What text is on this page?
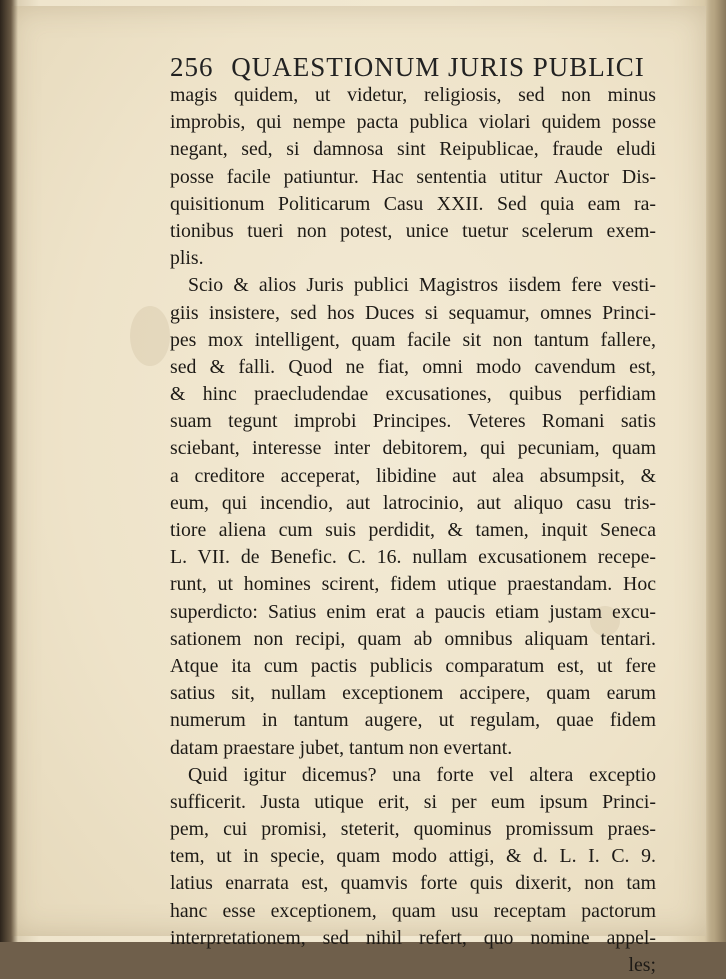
256 QUAESTIONUM JURIS PUBLICI
magis quidem, ut videtur, religiosis, sed non minus
improbis, qui nempe pacta publica violari quidem posse
negant, sed, si damnosa sint Reipublicae, fraude eludi
posse facile patiuntur. Hac sententia utitur Auctor Dis-
quisitionum Politicarum Casu XXII. Sed quia eam ra-
tionibus tueri non potest, unice tuetur scelerum exem-
plis.
Scio & alios Juris publici Magistros iisdem fere vesti-
giis insistere, sed hos Duces si sequamur, omnes Princi-
pes mox intelligent, quam facile sit non tantum fallere,
sed & falli. Quod ne fiat, omni modo cavendum est,
& hinc praecludendae excusationes, quibus perfidiam
suam tegunt improbi Principes. Veteres Romani satis
sciebant, interesse inter debitorem, qui pecuniam, quam
a creditore acceperat, libidine aut alea absumpsit, &
eum, qui incendio, aut latrocinio, aut aliquo casu tris-
tiore aliena cum suis perdidit, & tamen, inquit Seneca
L. VII. de Benefic. C. 16. nullam excusationem recepe-
runt, ut homines scirent, fidem utique praestandam. Hoc
superdicto: Satius enim erat a paucis etiam justam excu-
sationem non recipi, quam ab omnibus aliquam tentari.
Atque ita cum pactis publicis comparatum est, ut fere
satius sit, nullam exceptionem accipere, quam earum
numerum in tantum augere, ut regulam, quae fidem
datam praestare jubet, tantum non evertant.
Quid igitur dicemus? una forte vel altera exceptio
sufficerit. Justa utique erit, si per eum ipsum Princi-
pem, cui promisi, steterit, quominus promissum praes-
tem, ut in specie, quam modo attigi, & d. L. I. C. 9.
latius enarrata est, quamvis forte quis dixerit, non tam
hanc esse exceptionem, quam usu receptam pactorum
interpretationem, sed nihil refert, quo nomine appel-
les;
